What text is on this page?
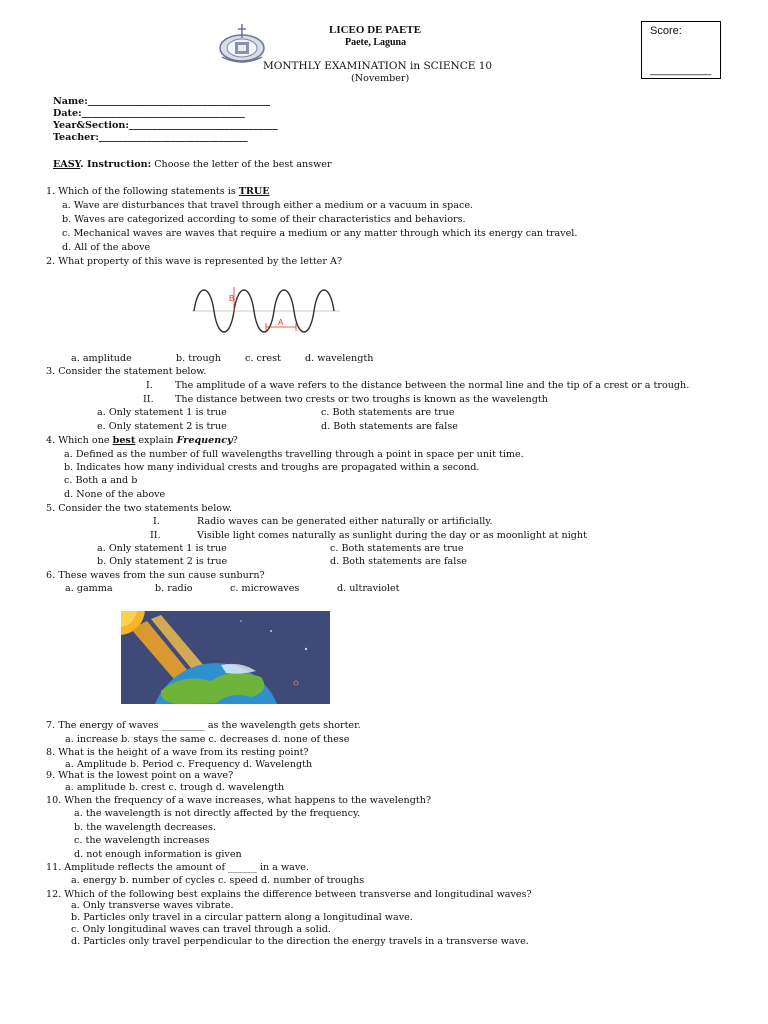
LICEO DE PAETE
Paete, Laguna
MONTHLY EXAMINATION in SCIENCE 10
(November)
Score:
__________
Name:______________________________________
Date:__________________________________
Year&Section:_______________________________
Teacher:_______________________________
EASY. Instruction: Choose the letter of the best answer
1. Which of the following statements is TRUE
a. Wave are disturbances that travel through either a medium or a vacuum in space.
b. Waves are categorized according to some of their characteristics and behaviors.
c. Mechanical waves are waves that require a medium or any matter through which its energy can travel.
d. All of the above
2. What property of this wave is represented by the letter A?
B
A
a. amplitude	b. trough	c. crest	d. wavelength
3. Consider the statement below.
I. The amplitude of a wave refers to the distance between the normal line and the tip of a crest or a trough.
II. The distance between two crests or two troughs is known as the wavelength
a. Only statement 1 is true	c. Both statements are true
e. Only statement 2 is true	d. Both statements are false
4. Which one best explain Frequency?
a. Defined as the number of full wavelengths travelling through a point in space per unit time.
b. Indicates how many individual crests and troughs are propagated within a second.
c. Both a and b
d. None of the above
5. Consider the two statements below.
I.	Radio waves can be generated either naturally or artificially.
II.	Visible light comes naturally as sunlight during the day or as moonlight at night
a. Only statement 1 is true	c. Both statements are true
b. Only statement 2 is true	d. Both statements are false
6. These waves from the sun cause sunburn?
a. gamma	b. radio	c. microwaves	d. ultraviolet
7. The energy of waves _________ as the wavelength gets shorter.
a. increase b. stays the same c. decreases d. none of these
8. What is the height of a wave from its resting point?
a. Amplitude b. Period c. Frequency d. Wavelength
9. What is the lowest point on a wave?
a. amplitude b. crest c. trough d. wavelength
10. When the frequency of a wave increases, what happens to the wavelength?
a. the wavelength is not directly affected by the frequency.
b. the wavelength decreases.
c. the wavelength increases
d. not enough information is given
11. Amplitude reflects the amount of ______ in a wave.
a. energy b. number of cycles c. speed d. number of troughs
12. Which of the following best explains the difference between transverse and longitudinal waves?
a. Only transverse waves vibrate.
b. Particles only travel in a circular pattern along a longitudinal wave.
c. Only longitudinal waves can travel through a solid.
d. Particles only travel perpendicular to the direction the energy travels in a transverse wave.
